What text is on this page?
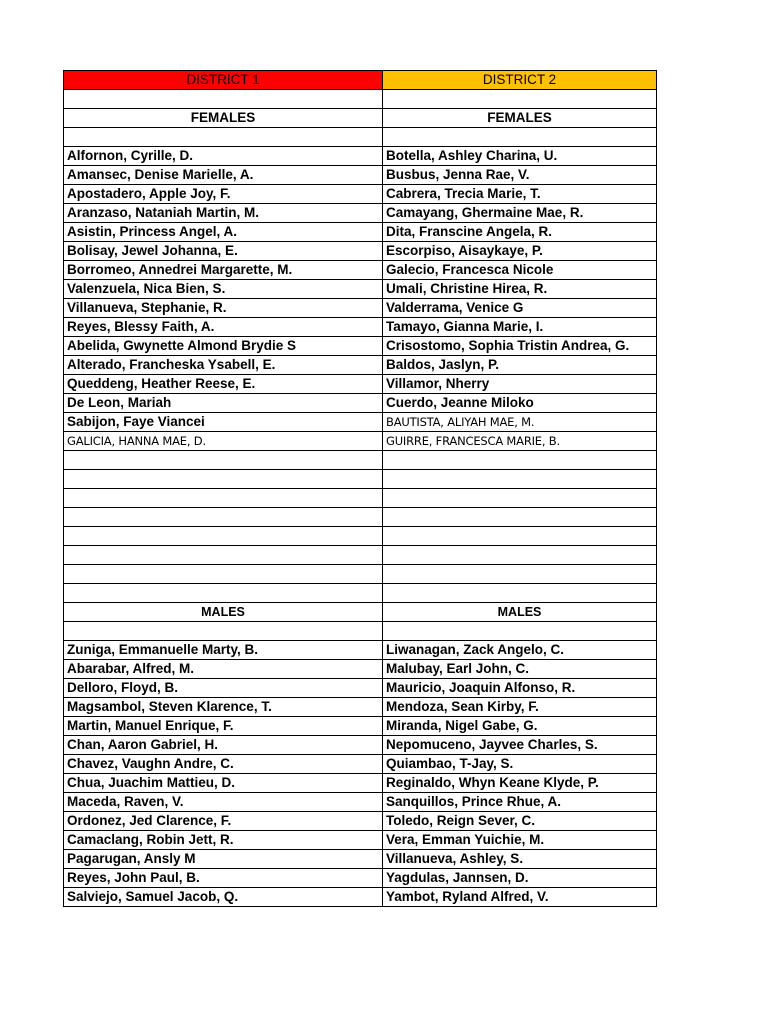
DISTRICT 1	DISTRICT 2

FEMALES	FEMALES

Alfornon, Cyrille, D.	Botella, Ashley Charina, U.
Amansec, Denise Marielle, A.	Busbus, Jenna Rae, V.
Apostadero, Apple Joy, F.	Cabrera, Trecia Marie, T.
Aranzaso, Nataniah Martin, M.	Camayang, Ghermaine Mae, R.
Asistin, Princess Angel, A.	Dita, Franscine Angela, R.
Bolisay, Jewel Johanna, E.	Escorpiso, Aisaykaye, P.
Borromeo, Annedrei Margarette, M.	Galecio, Francesca Nicole
Valenzuela, Nica Bien, S.	Umali, Christine Hirea, R.
Villanueva, Stephanie, R.	Valderrama, Venice G
Reyes, Blessy Faith, A.	Tamayo, Gianna Marie, I.
Abelida, Gwynette Almond Brydie S	Crisostomo, Sophia Tristin Andrea, G.
Alterado, Francheska Ysabell, E.	Baldos, Jaslyn, P.
Queddeng, Heather Reese, E.	Villamor, Nherry
De Leon, Mariah	Cuerdo, Jeanne Miloko
Sabijon, Faye Viancei	BAUTISTA, ALIYAH MAE, M.
GALICIA, HANNA MAE, D.	GUIRRE, FRANCESCA MARIE, B.

MALES	MALES

Zuniga, Emmanuelle Marty, B.	Liwanagan, Zack Angelo, C.
Abarabar, Alfred, M.	Malubay, Earl John, C.
Delloro, Floyd, B.	Mauricio, Joaquin Alfonso, R.
Magsambol, Steven Klarence, T.	Mendoza, Sean Kirby, F.
Martin, Manuel Enrique, F.	Miranda, Nigel Gabe, G.
Chan, Aaron Gabriel, H.	Nepomuceno, Jayvee Charles, S.
Chavez, Vaughn Andre, C.	Quiambao, T-Jay, S.
Chua, Juachim Mattieu, D.	Reginaldo, Whyn Keane Klyde, P.
Maceda, Raven, V.	Sanquillos, Prince Rhue, A.
Ordonez, Jed Clarence, F.	Toledo, Reign Sever, C.
Camaclang, Robin Jett, R.	Vera, Emman Yuichie, M.
Pagarugan, Ansly M	Villanueva, Ashley, S.
Reyes, John Paul, B.	Yagdulas, Jannsen, D.
Salviejo, Samuel Jacob, Q.	Yambot, Ryland Alfred, V.
